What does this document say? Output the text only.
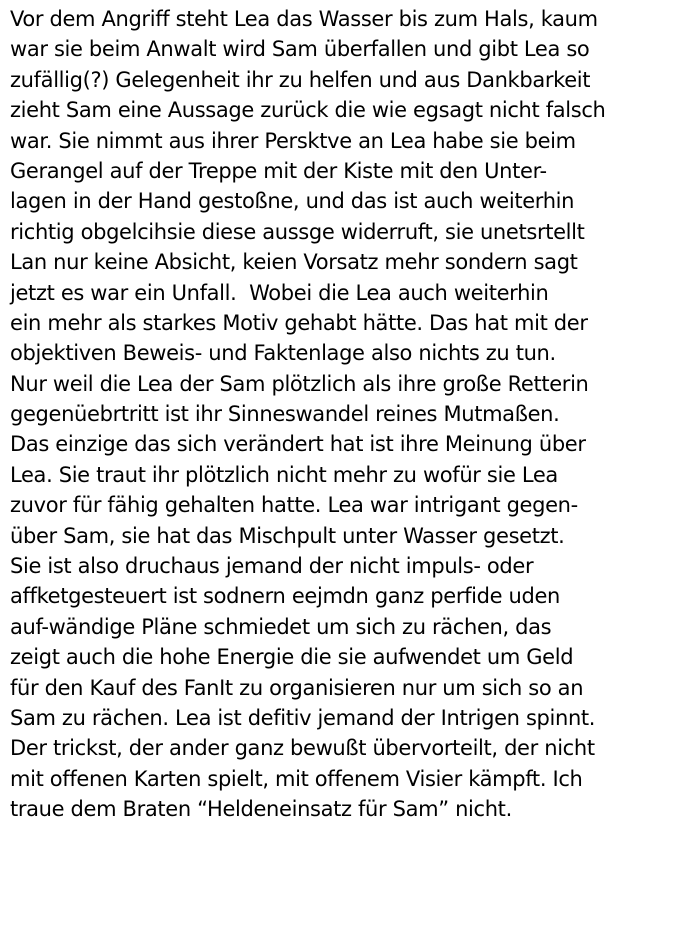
Vor dem Angriff steht Lea das Wasser bis zum Hals, kaum
war sie beim Anwalt wird Sam überfallen und gibt Lea so
zufällig(?) Gelegenheit ihr zu helfen und aus Dankbarkeit
zieht Sam eine Aussage zurück die wie egsagt nicht falsch
war. Sie nimmt aus ihrer Persktve an Lea habe sie beim
Gerangel auf der Treppe mit der Kiste mit den Unter-
lagen in der Hand gestoßne, und das ist auch weiterhin
richtig obgelcihsie diese aussge widerruft, sie unetsrtellt
Lan nur keine Absicht, keien Vorsatz mehr sondern sagt
jetzt es war ein Unfall.  Wobei die Lea auch weiterhin
ein mehr als starkes Motiv gehabt hätte. Das hat mit der
objektiven Beweis- und Faktenlage also nichts zu tun.
Nur weil die Lea der Sam plötzlich als ihre große Retterin
gegenüebrtritt ist ihr Sinneswandel reines Mutmaßen.
Das einzige das sich verändert hat ist ihre Meinung über
Lea. Sie traut ihr plötzlich nicht mehr zu wofür sie Lea
zuvor für fähig gehalten hatte. Lea war intrigant gegen-
über Sam, sie hat das Mischpult unter Wasser gesetzt.
Sie ist also druchaus jemand der nicht impuls- oder
affketgesteuert ist sodnern eejmdn ganz perfide uden
auf-wändige Pläne schmiedet um sich zu rächen, das
zeigt auch die hohe Energie die sie aufwendet um Geld
für den Kauf des FanIt zu organisieren nur um sich so an
Sam zu rächen. Lea ist defitiv jemand der Intrigen spinnt.
Der trickst, der ander ganz bewußt übervorteilt, der nicht
mit offenen Karten spielt, mit offenem Visier kämpft. Ich
traue dem Braten “Heldeneinsatz für Sam” nicht.
